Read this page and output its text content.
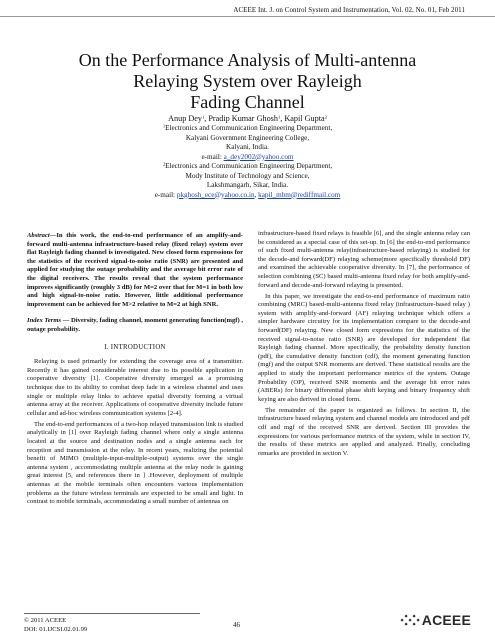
ACEEE Int. J. on Control System and Instrumentation, Vol. 02, No. 01, Feb 2011
On the Performance Analysis of Multi-antenna
Relaying System over Rayleigh
Fading Channel
Anup Dey$^1$, Pradip Kumar Ghosh$^1$, Kapil Gupta$^2$
$^1$Electronics and Communication Engineering Department,
Kalyani Government Engineering College,
Kalyani, India.
e-mail: a_dey2002@yahoo.com
$^2$Electronics and Communication Engineering Department,
Mody Institute of Technology and Science,
Lakshmangarh, Sikar, India.
e-mail: pkghosh_ece@yahoo.co.in, kapil_mbm@rediffmail.com

Abstract—In this work, the end-to-end performance of an amplify-and-forward multi-antenna infrastructure-based relay (fixed relay) system over flat Rayleigh fading channel is investigated. New closed form expressions for the statistics of the received signal-to-noise ratio (SNR) are presented and applied for studying the outage probability and the average bit error rate of the digital receivers. The results reveal that the system performance improves significantly (roughly 3 dB) for M=2 over that for M=1 in both low and high signal-to-noise ratio. However, little additional performance improvement can be achieved for M>2 relative to M=2 at high SNR.

Index Terms — Diversity, fading channel, moment generating function(mgf) , outage probability.

I. INTRODUCTION

Relaying is used primarily for extending the coverage area of a transmitter. Recently it has gained considerable interest due to its possible application in cooperative diversity [1]. Cooperative diversity emerged as a promising technique due to its ability to combat deep fade in a wireless channel and uses single or multiple relay links to achieve spatial diversity forming a virtual antenna array at the receiver. Applications of cooperative diversity include future cellular and ad-hoc wireless communication systems [2-4].

The end-to-end performances of a two-hop relayed transmission link is studied analytically in [1] over Rayleigh fading channel where only a single antenna located at the source and destination nodes and a single antenna each for reception and transmission at the relay. In recent years, realizing the potential benefit of MIMO (multiple-input-multiple-output) systems over the single antenna system , accommodating multiple antenna at the relay node is gaining great interest [5, and references there in ] .However, deployment of multiple antennas at the mobile terminals often encounters various implementation problems as the future wireless terminals are expected to be small and light. In contrast to mobile terminals, accommodating a small number of antennas on

infrastructure-based fixed relays is feasible [6], and the single antenna relay can be considered as a special case of this set-up. In [6] the end-to-end performance of such fixed multi-antenna relay(infrastructure-based relaying) is studied for the decode-and forward(DF) relaying scheme(more specifically threshold DF) and examined the achievable cooperative diversity. In [7], the performance of selection combining (SC) based multi-antenna fixed relay for both amplify-and-forward and decode-and-forward relaying is presented.

In this paper, we investigate the end-to-end performance of maximum ratio combining (MRC) based-multi-antenna fixed relay (infrastructure-based relay ) system with amplify-and-forward (AF) relaying technique which offers a simpler hardware circuitry for its implementation compare to the decode-and forward(DF) relaying. New closed form expressions for the statistics of the received signal-to-noise ratio (SNR) are developed for independent flat Rayleigh fading channel. More specifically, the probability density function (pdf), the cumulative density function (cdf), the moment generating function (mgf) and the output SNR moments are derived. These statistical results are the applied to study the important performance metrics of the system. Outage Probability (OP), received SNR moments and the average bit error rates (ABERs) for binary differential phase shift keying and binary frequency shift keying are also derived in closed form.

The remainder of the paper is organized as follows. In section II, the infrastructure based relaying system and channel models are introduced and pdf cdf and mgf of the received SNR are derived. Section III provides the expressions for various performance metrics of the system, while in section IV, the results of these metrics are applied and analyzed. Finally, concluding remarks are provided in section V.

© 2011 ACEEE
DOI: 01.IJCSI.02.01.99	46	ACEEE
